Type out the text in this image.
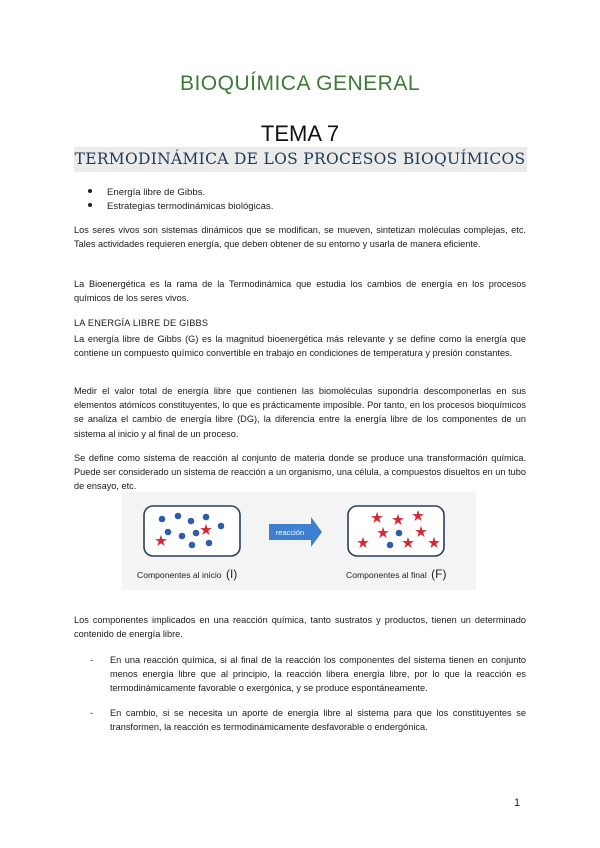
BIOQUÍMICA GENERAL
TEMA 7
TERMODINÁMICA DE LOS PROCESOS BIOQUÍMICOS
Energía libre de Gibbs.
Estrategias termodinámicas biológicas.
Los seres vivos son sistemas dinámicos que se modifican, se mueven, sintetizan moléculas complejas, etc. Tales actividades requieren energía, que deben obtener de su entorno y usarla de manera eficiente.
La Bioenergética es la rama de la Termodinámica que estudia los cambios de energía en los procesos químicos de los seres vivos.
LA ENERGÍA LIBRE DE GIBBS
La energía libre de Gibbs (G) es la magnitud bioenergética más relevante y se define como la energía que contiene un compuesto químico convertible en trabajo en condiciones de temperatura y presión constantes.
Medir el valor total de energía libre que contienen las biomoléculas supondría descomponerlas en sus elementos atómicos constituyentes, lo que es prácticamente imposible. Por tanto, en los procesos bioquímicos se analiza el cambio de energía libre (DG), la diferencia entre la energía libre de los componentes de un sistema al inicio y al final de un proceso.
Se define como sistema de reacción al conjunto de materia donde se produce una transformación química. Puede ser considerado un sistema de reacción a un organismo, una célula, a compuestos disueltos en un tubo de ensayo, etc.
reacción
Componentes al inicio (I)	Componentes al final (F)
Los componentes implicados en una reacción química, tanto sustratos y productos, tienen un determinado contenido de energía libre.
- En una reacción química, si al final de la reacción los componentes del sistema tienen en conjunto menos energía libre que al principio, la reacción libera energía libre, por lo que la reacción es termodinámicamente favorable o exergónica, y se produce espontáneamente.
- En cambio, si se necesita un aporte de energía libre al sistema para que los constituyentes se transformen, la reacción es termodinámicamente desfavorable o endergónica.
1
